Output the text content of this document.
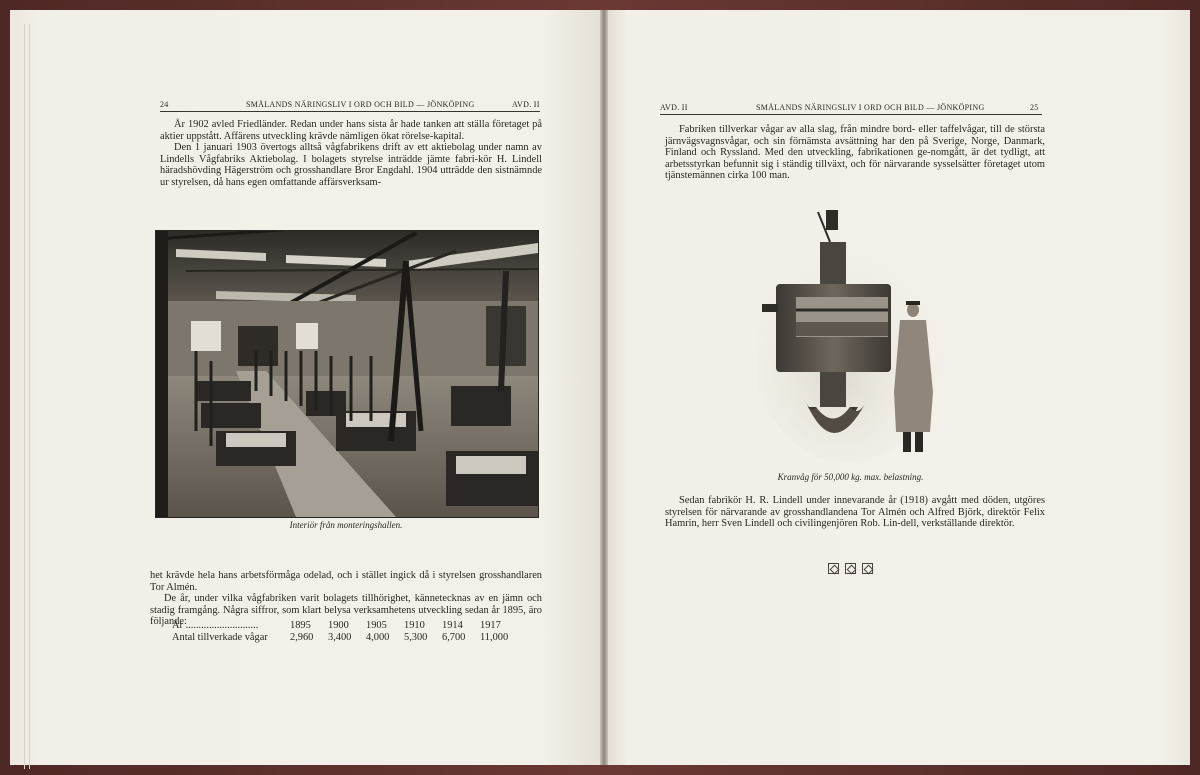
24	SMÅLANDS NÄRINGSLIV I ORD OCH BILD — JÖNKÖPING	AVD. II

År 1902 avled Friedländer. Redan under hans sista år hade tanken att ställa företaget på aktier uppstått. Affärens utveckling krävde nämligen ökat rörelse-kapital.

Den 1 januari 1903 övertogs alltså vågfabrikens drift av ett aktiebolag under namn av Lindells Vågfabriks Aktiebolag. I bolagets styrelse inträdde jämte fabri-kör H. Lindell häradshövding Hägerström och grosshandlare Bror Engdahl. 1904 utträdde den sistnämnde ur styrelsen, då hans egen omfattande affärsverksam-

Interiör från monteringshallen.

het krävde hela hans arbetsförmåga odelad, och i stället ingick då i styrelsen grosshandlaren Tor Almén.

De år, under vilka vågfabriken varit bolagets tillhörighet, kännetecknas av en jämn och stadig framgång. Några siffror, som klart belysa verksamhetens utveckling sedan år 1895, äro följande:

År ............................	1895	1900	1905	1910	1914	1917
Antal tillverkade vågar	2,960	3,400	4,000	5,300	6,700	11,000
AVD. II	SMÅLANDS NÄRINGSLIV I ORD OCH BILD — JÖNKÖPING	25

Fabriken tillverkar vågar av alla slag, från mindre bord- eller taffelvågar, till de största järnvägsvagnsvågar, och sin förnämsta avsättning har den på Sverige, Norge, Danmark, Finland och Ryssland. Med den utveckling, fabrikationen ge-nomgått, är det tydligt, att arbetsstyrkan befunnit sig i ständig tillväxt, och för närvarande sysselsätter företaget utom tjänstemännen cirka 100 man.

Kranvåg för 50,000 kg. max. belastning.

Sedan fabrikör H. R. Lindell under innevarande år (1918) avgått med döden, utgöres styrelsen för närvarande av grosshandlandena Tor Almén och Alfred Björk, direktör Felix Hamrin, herr Sven Lindell och civilingenjören Rob. Lin-dell, verkställande direktör.
